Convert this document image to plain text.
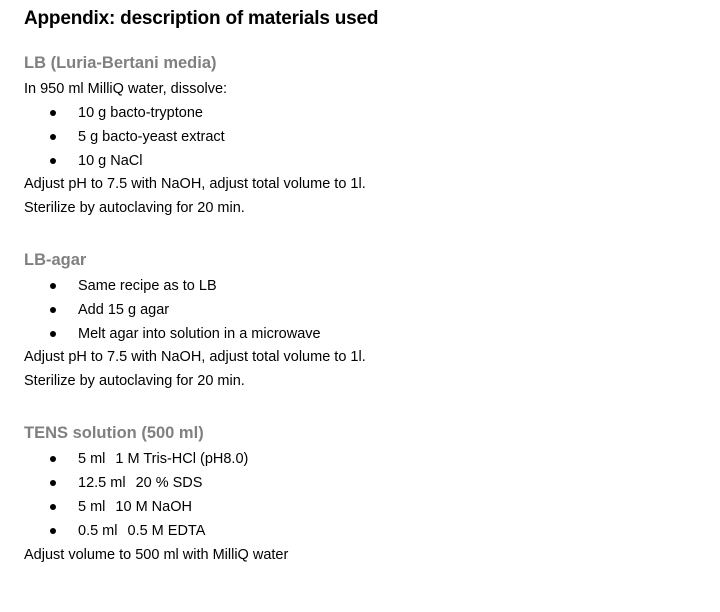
Appendix: description of materials used
LB (Luria-Bertani media)
In 950 ml MilliQ water, dissolve:
10 g bacto-tryptone
5 g bacto-yeast extract
10 g NaCl
Adjust pH to 7.5 with NaOH, adjust total volume to 1l.
Sterilize by autoclaving for 20 min.
LB-agar
Same recipe as to LB
Add 15 g agar
Melt agar into solution in a microwave
Adjust pH to 7.5 with NaOH, adjust total volume to 1l.
Sterilize by autoclaving for 20 min.
TENS solution (500 ml)
5 ml 1 M Tris-HCl (pH8.0)
12.5 ml 20 % SDS
5 ml 10 M NaOH
0.5 ml 0.5 M EDTA
Adjust volume to 500 ml with MilliQ water
